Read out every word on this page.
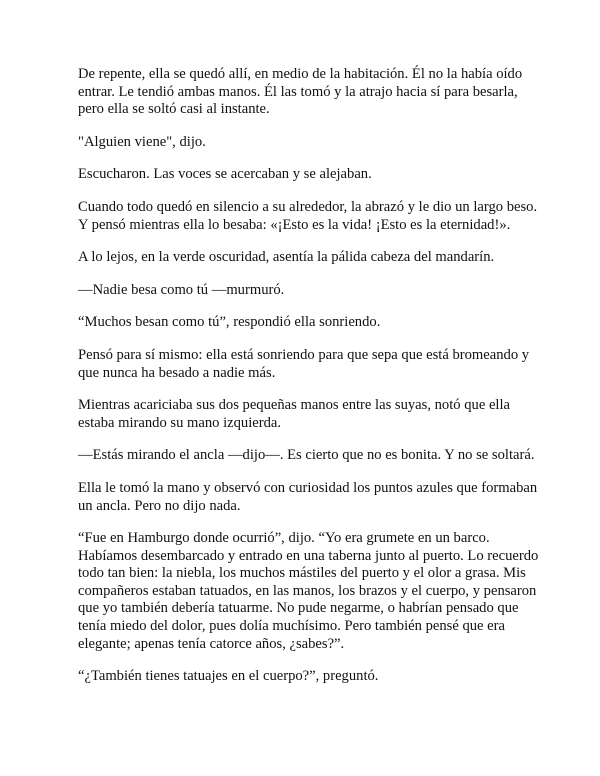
De repente, ella se quedó allí, en medio de la habitación. Él no la había oído entrar. Le tendió ambas manos. Él las tomó y la atrajo hacia sí para besarla, pero ella se soltó casi al instante.

"Alguien viene", dijo.

Escucharon. Las voces se acercaban y se alejaban.

Cuando todo quedó en silencio a su alrededor, la abrazó y le dio un largo beso. Y pensó mientras ella lo besaba: «¡Esto es la vida! ¡Esto es la eternidad!».

A lo lejos, en la verde oscuridad, asentía la pálida cabeza del mandarín.

—Nadie besa como tú —murmuró.

“Muchos besan como tú”, respondió ella sonriendo.

Pensó para sí mismo: ella está sonriendo para que sepa que está bromeando y que nunca ha besado a nadie más.

Mientras acariciaba sus dos pequeñas manos entre las suyas, notó que ella estaba mirando su mano izquierda.

—Estás mirando el ancla —dijo—. Es cierto que no es bonita. Y no se soltará.

Ella le tomó la mano y observó con curiosidad los puntos azules que formaban un ancla. Pero no dijo nada.

“Fue en Hamburgo donde ocurrió”, dijo. “Yo era grumete en un barco. Habíamos desembarcado y entrado en una taberna junto al puerto. Lo recuerdo todo tan bien: la niebla, los muchos mástiles del puerto y el olor a grasa. Mis compañeros estaban tatuados, en las manos, los brazos y el cuerpo, y pensaron que yo también debería tatuarme. No pude negarme, o habrían pensado que tenía miedo del dolor, pues dolía muchísimo. Pero también pensé que era elegante; apenas tenía catorce años, ¿sabes?”.

“¿También tienes tatuajes en el cuerpo?”, preguntó.
